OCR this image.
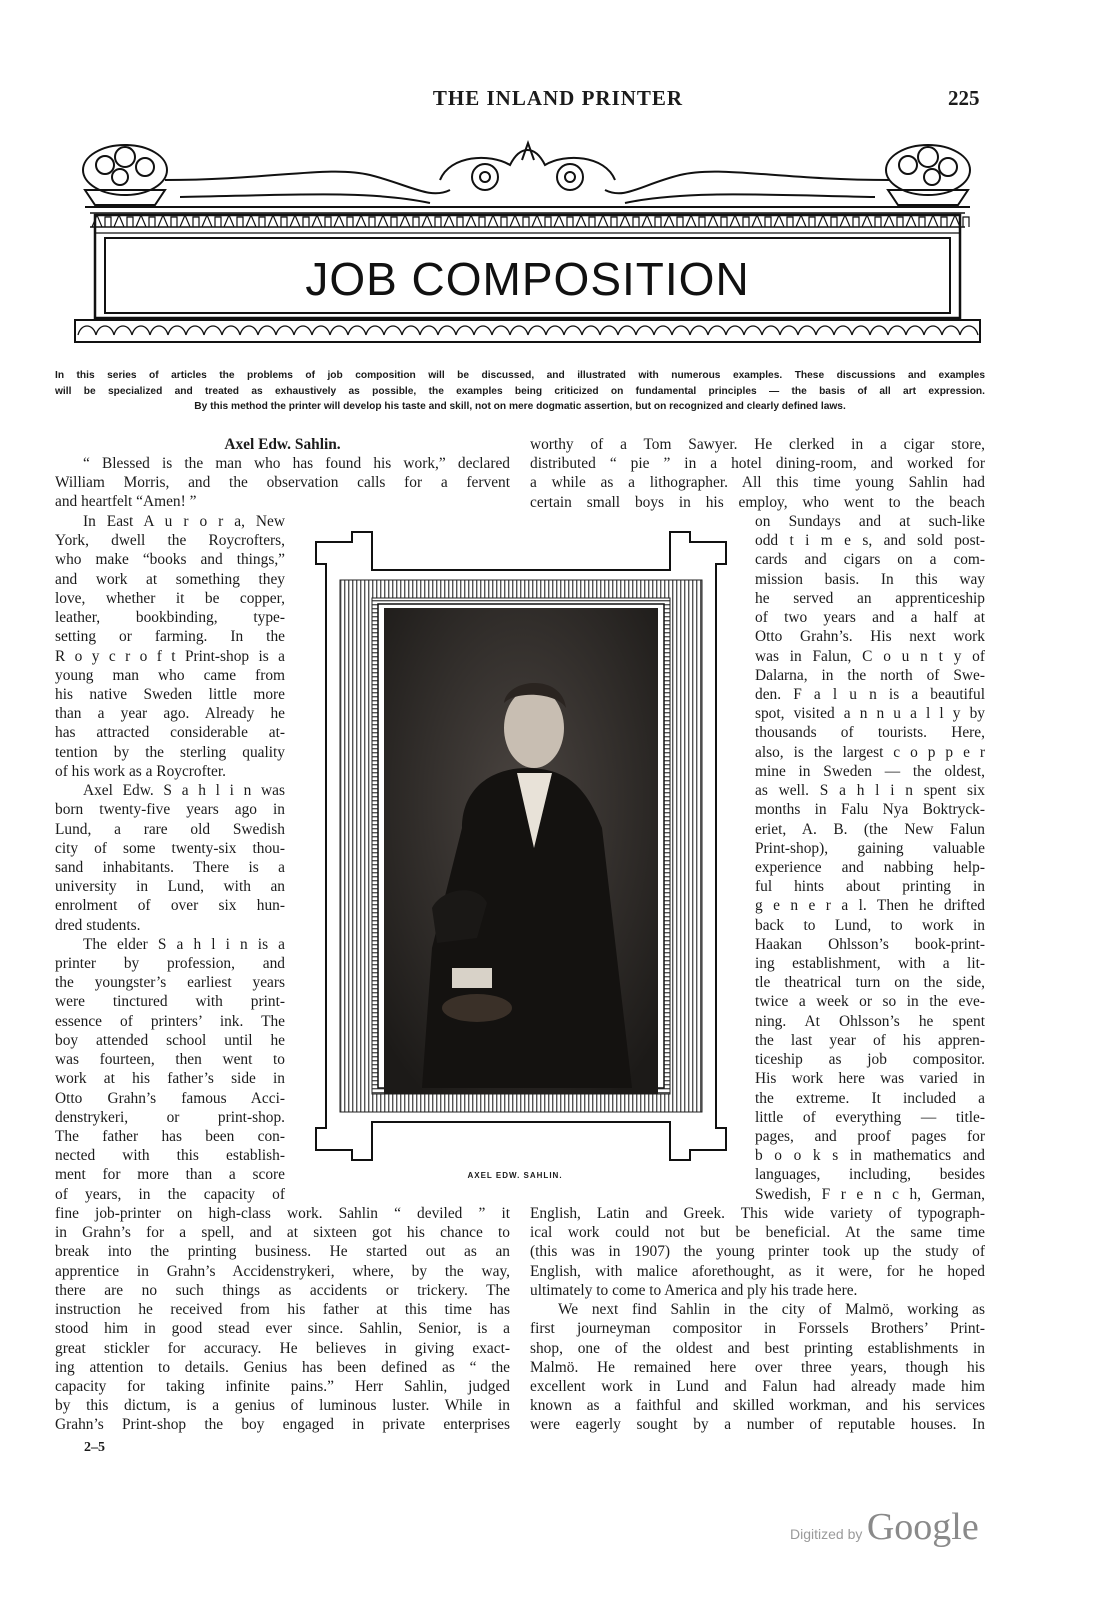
THE INLAND PRINTER	225
JOB COMPOSITION
In this series of articles the problems of job composition will be discussed, and illustrated with numerous examples. These discussions and examples
will be specialized and treated as exhaustively as possible, the examples being criticized on fundamental principles — the basis of all art expression.
By this method the printer will develop his taste and skill, not on mere dogmatic assertion, but on recognized and clearly defined laws.
Axel Edw. Sahlin.
“ Blessed is the man who has found his work,” declared
William Morris, and the observation calls for a fervent
and heartfelt “Amen! ”
In East A u r o r a, New
York, dwell the Roycrofters,
who make “books and things,”
and work at something they
love, whether it be copper,
leather, bookbinding, type-
setting or farming. In the
R o y c r o f t Print-shop is a
young man who came from
his native Sweden little more
than a year ago. Already he
has attracted considerable at-
tention by the sterling quality
of his work as a Roycrofter.
Axel Edw. S a h l i n was
born twenty-five years ago in
Lund, a rare old Swedish
city of some twenty-six thou-
sand inhabitants. There is a
university in Lund, with an
enrolment of over six hun-
dred students.
The elder S a h l i n is a
printer by profession, and
the youngster’s earliest years
were tinctured with print-
essence of printers’ ink. The
boy attended school until he
was fourteen, then went to
work at his father’s side in
Otto Grahn’s famous Acci-
denstrykeri, or print-shop.
The father has been con-
nected with this establish-
ment for more than a score
of years, in the capacity of
fine job-printer on high-class work. Sahlin “ deviled ” it
in Grahn’s for a spell, and at sixteen got his chance to
break into the printing business. He started out as an
apprentice in Grahn’s Accidenstrykeri, where, by the way,
there are no such things as accidents or trickery. The
instruction he received from his father at this time has
stood him in good stead ever since. Sahlin, Senior, is a
great stickler for accuracy. He believes in giving exact-
ing attention to details. Genius has been defined as “ the
capacity for taking infinite pains.” Herr Sahlin, judged
by this dictum, is a genius of luminous luster. While in
Grahn’s Print-shop the boy engaged in private enterprises
worthy of a Tom Sawyer. He clerked in a cigar store,
distributed “ pie ” in a hotel dining-room, and worked for
a while as a lithographer. All this time young Sahlin had
certain small boys in his employ, who went to the beach
on Sundays and at such-like
odd t i m e s, and sold post-
cards and cigars on a com-
mission basis. In this way
he served an apprenticeship
of two years and a half at
Otto Grahn’s. His next work
was in Falun, C o u n t y of
Dalarna, in the north of Swe-
den. F a l u n is a beautiful
spot, visited a n n u a l l y by
thousands of tourists. Here,
also, is the largest c o p p e r
mine in Sweden — the oldest,
as well. S a h l i n spent six
months in Falu Nya Boktryck-
eriet, A. B. (the New Falun
Print-shop), gaining valuable
experience and nabbing help-
ful hints about printing in
g e n e r a l. Then he drifted
back to Lund, to work in
Haakan Ohlsson’s book-print-
ing establishment, with a lit-
tle theatrical turn on the side,
twice a week or so in the eve-
ning. At Ohlsson’s he spent
the last year of his appren-
ticeship as job compositor.
His work here was varied in
the extreme. It included a
little of everything — title-
pages, and proof pages for
b o o k s in mathematics and
languages, including, besides
Swedish, F r e n c h, German,
English, Latin and Greek. This wide variety of typograph-
ical work could not but be beneficial. At the same time
(this was in 1907) the young printer took up the study of
English, with malice aforethought, as it were, for he hoped
ultimately to come to America and ply his trade here.
We next find Sahlin in the city of Malmö, working as
first journeyman compositor in Forssels Brothers’ Print-
shop, one of the oldest and best printing establishments in
Malmö. He remained here over three years, though his
excellent work in Lund and Falun had already made him
known as a faithful and skilled workman, and his services
were eagerly sought by a number of reputable houses. In
AXEL EDW. SAHLIN.
2–5
Digitized by Google
